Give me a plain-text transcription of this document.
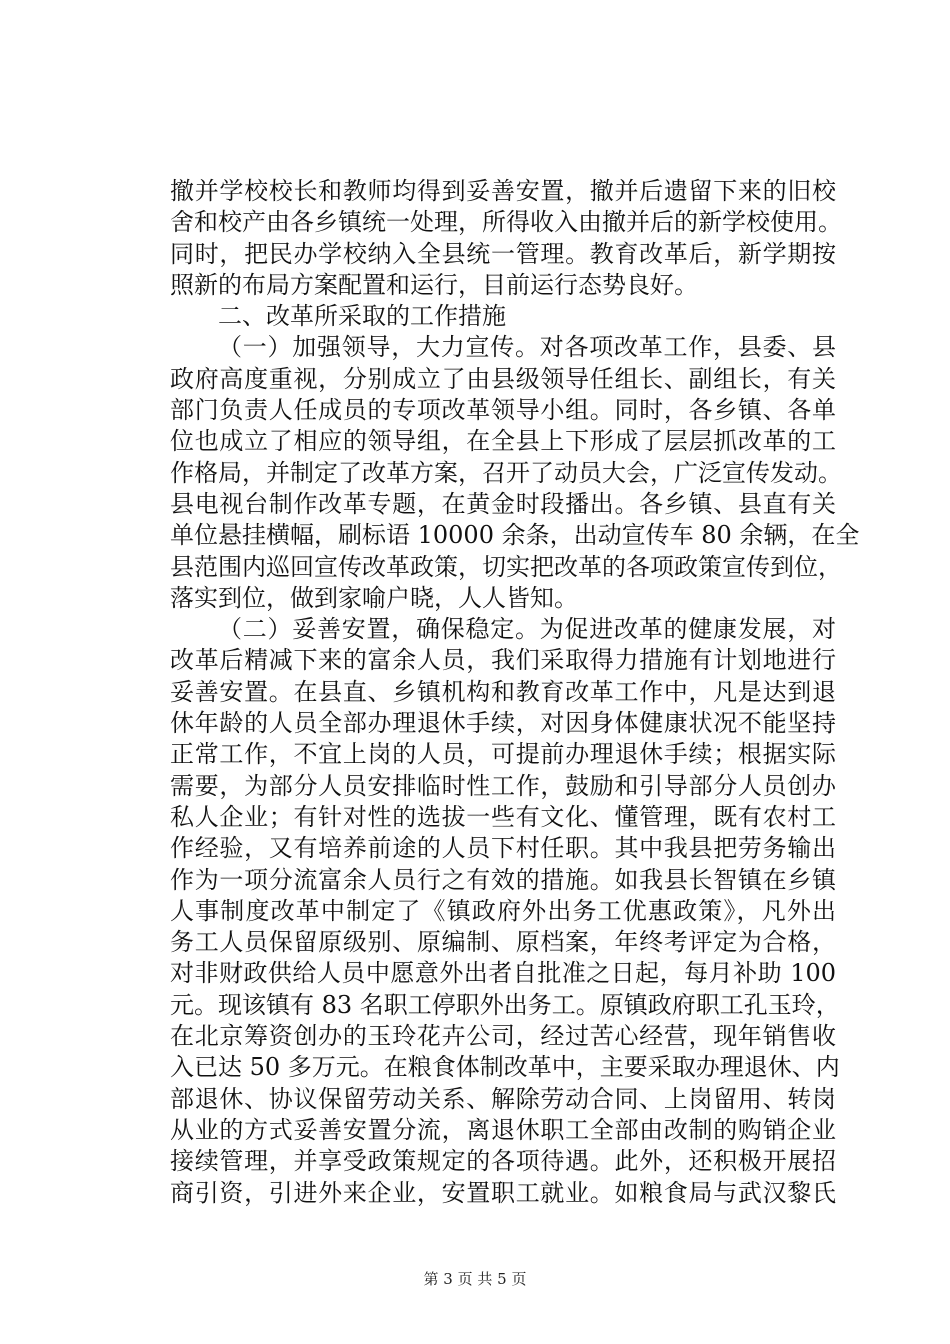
撤并学校校长和教师均得到妥善安置，撤并后遗留下来的旧校
舍和校产由各乡镇统一处理，所得收入由撤并后的新学校使用。
同时，把民办学校纳入全县统一管理。教育改革后，新学期按
照新的布局方案配置和运行，目前运行态势良好。
二、改革所采取的工作措施
（一）加强领导，大力宣传。对各项改革工作，县委、县
政府高度重视，分别成立了由县级领导任组长、副组长，有关
部门负责人任成员的专项改革领导小组。同时，各乡镇、各单
位也成立了相应的领导组，在全县上下形成了层层抓改革的工
作格局，并制定了改革方案，召开了动员大会，广泛宣传发动。
县电视台制作改革专题，在黄金时段播出。各乡镇、县直有关
单位悬挂横幅，刷标语 10000 余条，出动宣传车 80 余辆，在全
县范围内巡回宣传改革政策，切实把改革的各项政策宣传到位，
落实到位，做到家喻户晓，人人皆知。
（二）妥善安置，确保稳定。为促进改革的健康发展，对
改革后精减下来的富余人员，我们采取得力措施有计划地进行
妥善安置。在县直、乡镇机构和教育改革工作中，凡是达到退
休年龄的人员全部办理退休手续，对因身体健康状况不能坚持
正常工作，不宜上岗的人员，可提前办理退休手续；根据实际
需要，为部分人员安排临时性工作，鼓励和引导部分人员创办
私人企业；有针对性的选拔一些有文化、懂管理，既有农村工
作经验，又有培养前途的人员下村任职。其中我县把劳务输出
作为一项分流富余人员行之有效的措施。如我县长智镇在乡镇
人事制度改革中制定了《镇政府外出务工优惠政策》，凡外出
务工人员保留原级别、原编制、原档案，年终考评定为合格，
对非财政供给人员中愿意外出者自批准之日起，每月补助 100
元。现该镇有 83 名职工停职外出务工。原镇政府职工孔玉玲，
在北京筹资创办的玉玲花卉公司，经过苦心经营，现年销售收
入已达 50 多万元。在粮食体制改革中，主要采取办理退休、内
部退休、协议保留劳动关系、解除劳动合同、上岗留用、转岗
从业的方式妥善安置分流，离退休职工全部由改制的购销企业
接续管理，并享受政策规定的各项待遇。此外，还积极开展招
商引资，引进外来企业，安置职工就业。如粮食局与武汉黎氏
第 3 页 共 5 页
